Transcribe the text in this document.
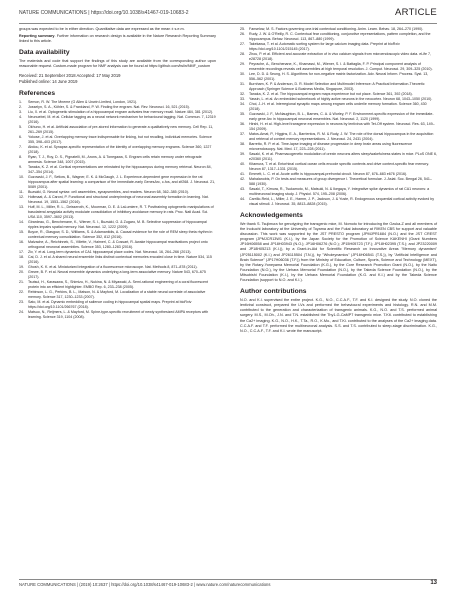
NATURE COMMUNICATIONS | https://doi.org/10.1038/s41467-019-10683-2	ARTICLE

groups was expected to be in either direction. Quantitative data are expressed as the mean ± s.e.m.

Reporting summary. Further information on research design is available in the Nature Research Reporting Summary linked to this article.

Data availability

The materials and code that support the findings of this study are available from the corresponding author upon reasonable request. Custom-made program for NMF analysis can be found at https://github.com/lwlin/NMF_custom

Received: 21 September 2018 Accepted: 17 May 2019
Published online: 14 June 2019
References
1. Semon, R. W. The Mneme (G Allen & Unwin Limited, London, 1921).
2. Josselyn, S. A., Köhler, S. & Frankland, P. W. Finding the engram. Nat. Rev. Neurosci. 16, 521 (2015).
3. Liu, X. et al. Optogenetic stimulation of a hippocampal engram activates fear memory recall. Nature 484, 381 (2012).
4. Neunuebel, M. et al. Cellular tagging as a neural network mechanism for behavioural tagging. Nat. Commun. 7, 12319 (2016).
5. Okhuno, H. et al. Artificial association of pre-stored information to generate a qualitatively new memory. Cell Rep. 11, 261–269 (2015).
6. Yokose, J. et al. Overlapping memory trace indispensable for linking, but not recalling, individual memories. Science 355, 398–403 (2017).
7. Abdou, K. et al. Synapse-specific representation of the identity of overlapping memory engrams. Science 360, 1227 (2018).
8. Ryan, T. J., Roy, D. S., Pignatelli, M., Arons, A. & Tonegawa, S. Engram cells retain memory under retrograde amnesia. Science 348, 1007 (2015).
9. Tanaka, K. Z. et al. Cortical representations are reinstated by the hippocampus during memory retrieval. Neuron 84, 347–354 (2014).
10. Guzowski, J. F., Setlow, B., Wagner, E. K. & McGaugh, J. L. Experience-dependent gene expression in the rat hippocampus after spatial learning: a comparison of the immediate-early GenesArc, c-fos, and zif268. J. Neurosci. 21, 5089 (2001).
11. Buzsáki, G. Neural syntax: cell assemblies, synapsembles, and readers. Neuron 68, 362–385 (2010).
12. Holtmaat, A. & Caroni, P. Functional and structural underpinnings of neuronal assembly formation in learning. Nat. Neurosci. 19, 1553–1562 (2016).
13. Huff, M. L., Miller, R. L., Deisseroth, K., Moorman, D. E. & LaLumiere, R. T. Posttraining optogenetic manipulations of basolateral amygdala activity modulate consolidation of inhibitory avoidance memory in rats. Proc. Natl Acad. Sci. USA 110, 3597–3602 (2013).
14. Girardeau, G., Benchenane, K., Wiener, S. I., Buzsáki, G. & Zugaro, M. B. Selective suppression of hippocampal ripples impairs spatial memory. Nat. Neurosci. 12, 1222 (2009).
15. Boyce, R., Glasgow, S. D., Williams, S. & Adamantidis, A. Causal evidence for the role of REM sleep theta rhythm in contextual memory consolidation. Science 352, 812 (2016).
16. Malvache, A., Reichinnek, S., Villette, V., Haimerl, C. & Cossart, R. Awake hippocampal reactivations project onto orthogonal neuronal assemblies. Science 353, 1280–1283 (2016).
17. Ziv, Y. et al. Long-term dynamics of CA1 hippocampal place codes. Nat. Neurosci. 16, 264–266 (2013).
18. Cai, D. J. et al. A shared neural ensemble links distinct contextual memories encoded close in time. Nature 534, 115 (2016).
19. Ghosh, K. K. et al. Miniaturized integration of a fluorescence microscope. Nat. Methods 8, 871–878 (2011).
20. Grewe, B. F. et al. Neural ensemble dynamics underlying a long-term associative memory. Nature 543, 670–675 (2017).
21. Tsutsui, H., Karasawa, S., Shimizu, H., Nukina, N. & Miyawaki, A. Semi-rational engineering of a coral fluorescent protein into an efficient highlighter. EMBO Rep. 6, 233–238 (2005).
22. Rebinson, L. G., Perkins, B. L., Matson, N. & Mayford, M. Localization of a stable neural correlate of associative memory. Science 317, 1230–1233 (2007).
23. Sato, M. et al. Dynamic embedding of salience coding in hippocampal spatial maps. Preprint at bioRxiv https://doi.org/10.1101/266767 (2018).
24. Matsuo, N., Reijmers, L. & Mayford, M. Spine-type-specific recruitment of newly synthesized AMPA receptors with learning. Science 319, 1104 (2008).
25. Fanselow, M. S. Factors governing one-trial contextual conditioning. Anim. Learn. Behav. 18, 264–270 (1990).
26. Rudy, J. W. & O'Reilly, R. C. Contextual fear conditioning, conjunctive representations, pattern completion, and the hippocampus. Behav. Neurosci. 113, 867–880 (1999).
27. Takekawa, T. et al. Automatic sorting system for large calcium imaging data. Preprint at bioRxiv https://doi.org/10.1101/215145 (2017).
28. Zhou, P. et al. Efficient and accurate extraction of in vivo calcium signals from microendoscopic video data. eLife 7, e28728 (2018).
29. Peyrache, A., Benchenane, K., Khamassi, M., Wiener, S. I. & Battaglia, F. P. Principal component analysis of ensemble recordings reveals cell assemblies at high temporal resolution. J. Comput. Neurosci. 29, 309–325 (2010).
30. Lee, D. D. & Seung, H. S. Algorithms for non-negative matrix factorization. Adv. Neural Inform. Process. Syst. 13, 556–562 (2001).
31. Burnham, K. P. & Anderson, D. R. Model Selection and Multimodel Inference: A Practical Information-Theoretic Approach (Springer Science & Business Media, Singapore, 2003).
32. Tanaka, K. Z. et al. The hippocampal engram maps experience but not place. Science 361, 392 (2018).
33. Yassin, L. et al. An embedded subnetwork of highly active neurons in the neocortex. Neuron 68, 1043–1050 (2010).
34. Choi, J.-H. et al. Interregional synaptic maps among engram cells underlie memory formation. Science 360, 430 (2018).
35. Guzowski, J. F., McNaughton, B. L., Barnes, C. A. & Worley, P. F. Environment-specific expression of the immediate-early gene Arc in hippocampal neuronal ensembles. Nat. Neurosci. 2, 1120 (1999).
36. Hirshi, H. et al. High-level transgene expression in neurons by lentivirus with Tet-Off system. Neurosci. Res. 63, 149–154 (2009).
37. Matos-Amat, P., Higgins, E. A., Barrientos, R. M. & Rudy, J. W. The role of the dorsal hippocampus in the acquisition and retrieval of context memory representations. J. Neurosci. 24, 2431 (2004).
38. Barretto, R. P. et al. Time-lapse imaging of disease progression in deep brain areas using fluorescence microendoscopy. Nat. Med. 17, 223–228 (2011).
39. Sasaki, K. et al. Pharmacogenetic modulation of orexin neurons alters sleep/wakefulness states in mice. PLoS ONE 6, e20360 (2011).
40. Kitamura, T. et al. Entorhinal cortical ocean cells encode specific contexts and drive context-specific fear memory. Neuron 87, 1317–1331 (2015).
41. Emmett, L. C. et al. Acute coffin is hippocampal-prefrontal circuit. Neuron 87, 676–683 e676 (2016).
42. Mahalanobis, P. On tests and measures of group divergence I. Theoretical formulae. J. Asiat. Soc. Bengal 26, 541–588 (1930).
43. Sasaki, T., Kimura, R., Tsukamoto, M., Matsuki, N. & Ikegaya, Y. Integrative spike dynamics of rat CA1 neurons: a multineuronal imaging study. J. Physiol. 574, 195–208 (2006).
44. Carrillo-Reid, L., Miller, J. E., Hamm, J. P., Jackson, J. & Yuste, R. Endogenous sequential cortical activity evoked by visual stimuli. J. Neurosci. 35, 8813–8828 (2015).
Acknowledgements

We thank S. Tsujimura for genotyping the transgenic mice, M. Nomoto for introducing the Ozuka-Z and all members of the Inokuchi laboratory at the University of Toyama and the Fukai laboratory at RIKEN CBS for support and valuable discussion. This work was supported by the JST PRESTO program (JPMJPR1684 (N.O.) and the JST CREST program (JPMJCR13W1 (K.I.), by the Japan Society for the Promotion of Science KAKENHI (Grant Numbers JP16H06558 and JP18H03943 (N.O.); JP16H06276 (N.O.); JP15H05723 (T.F.); JP18H02395 (T.S.); and JP23220009 and JP18H05213 (K.I.)), by a Grant-in-Aid for Scientific Research on Innovative Areas "Memory dynamism" (JP25115002 (K.I.) and JP26115504 (T.N.)), by "Wholeynamics" (JP16H06541 (T.S.)), by "Artificial Intelligence and Brain Science" (JP17H06036 (T.F.)) from the Ministry of Education, Culture, Sports, Science and Technology (MEXT), by the Rotary-Yoneyama Memorial Foundation (K.G.), by the Core Research Promotion Grant (N.O.), by the Naito Foundation (N.O.), by the Uehara Memorial Foundation (N.O.), by the Takeda Science Foundation (N.O.), by the Mitsubishi Foundation (K.I.), by the Uehara Memorial Foundation (K.G. and K.I.) and by the Takeda Science Foundation (support to N.O. and K.I.).

Author contributions

N.O. and K.I. supervised the entire project. K.G., N.O., C.C.A.F., T.F. and K.I. designed the study. N.O. cloned the lentiviral construct, prepared the LVs and performed the behavioural experiments and histology. R.N. and M.M. contributed to the generation and characterization of transgenic animals. K.G., N.O. and T.S. performed animal surgery. M.S., M.Oh., J.N. and T.N. established the Thy1-G-CaMP7 transgenic mice. T.Kit. contributed to establishing the Ca2+ imaging. K.G., N.O., H.K., T.Ta., R.O., K.Mo., and T.Ki. contributed to the analyses of the Ca2+ imaging data. C.C.A.F. and T.F. performed the multineuronal analysis. S.S. and T.S. contributed to sleep-stage discrimination. K.G., N.O., C.C.A.F., T.F. and K.I. wrote the manuscript.

NATURE COMMUNICATIONS | (2019) 10:2637 | https://doi.org/10.1038/s41467-019-10683-2 | www.nature.com/naturecommunications	13
